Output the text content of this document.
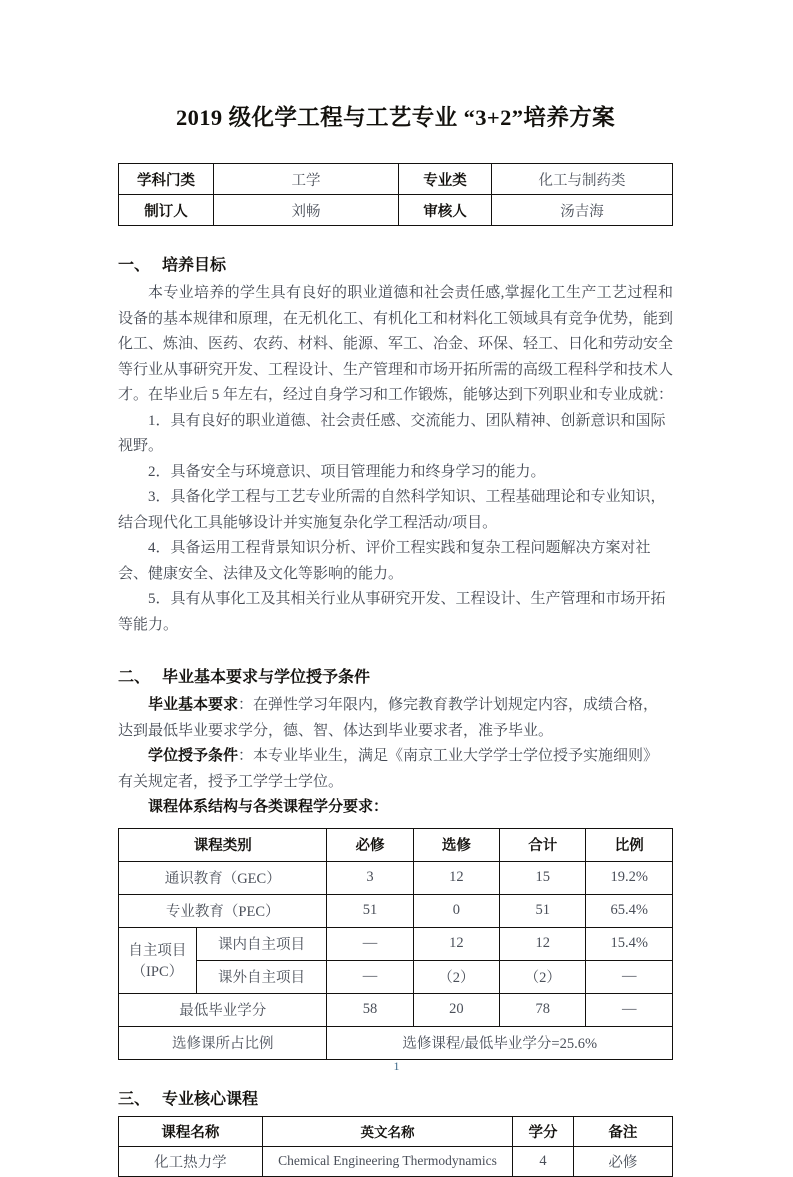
2019 级化学工程与工艺专业 “3+2”培养方案
学科门类	工学	专业类	化工与制药类
制订人	刘畅	审核人	汤吉海
一、 培养目标

本专业培养的学生具有良好的职业道德和社会责任感,掌握化工生产工艺过程和设备的基本规律和原理，在无机化工、有机化工和材料化工领域具有竞争优势，能到化工、炼油、医药、农药、材料、能源、军工、冶金、环保、轻工、日化和劳动安全等行业从事研究开发、工程设计、生产管理和市场开拓所需的高级工程科学和技术人才。在毕业后 5 年左右，经过自身学习和工作锻炼，能够达到下列职业和专业成就：

1．具有良好的职业道德、社会责任感、交流能力、团队精神、创新意识和国际视野。

2．具备安全与环境意识、项目管理能力和终身学习的能力。

3．具备化学工程与工艺专业所需的自然科学知识、工程基础理论和专业知识，结合现代化工具能够设计并实施复杂化学工程活动/项目。

4．具备运用工程背景知识分析、评价工程实践和复杂工程问题解决方案对社会、健康安全、法律及文化等影响的能力。

5．具有从事化工及其相关行业从事研究开发、工程设计、生产管理和市场开拓等能力。

二、 毕业基本要求与学位授予条件

毕业基本要求：在弹性学习年限内，修完教育教学计划规定内容，成绩合格，达到最低毕业要求学分，德、智、体达到毕业要求者，准予毕业。

学位授予条件：本专业毕业生，满足《南京工业大学学士学位授予实施细则》有关规定者，授予工学学士学位。

课程体系结构与各类课程学分要求：

课程类别		必修	选修	合计	比例
通识教育（GEC）		3	12	15	19.2%
专业教育（PEC）		51	0	51	65.4%

自主项目
（IPC）	课内自主项目	—	12	12	15.4%
	课外自主项目	—	（2）	（2）	—
最低毕业学分		58	20	78	—
选修课所占比例		选修课程/最低毕业学分=25.6%			
三、 专业核心课程
课程名称	英文名称	学分	备注
化工热力学	Chemical Engineering Thermodynamics	4	必修
1
